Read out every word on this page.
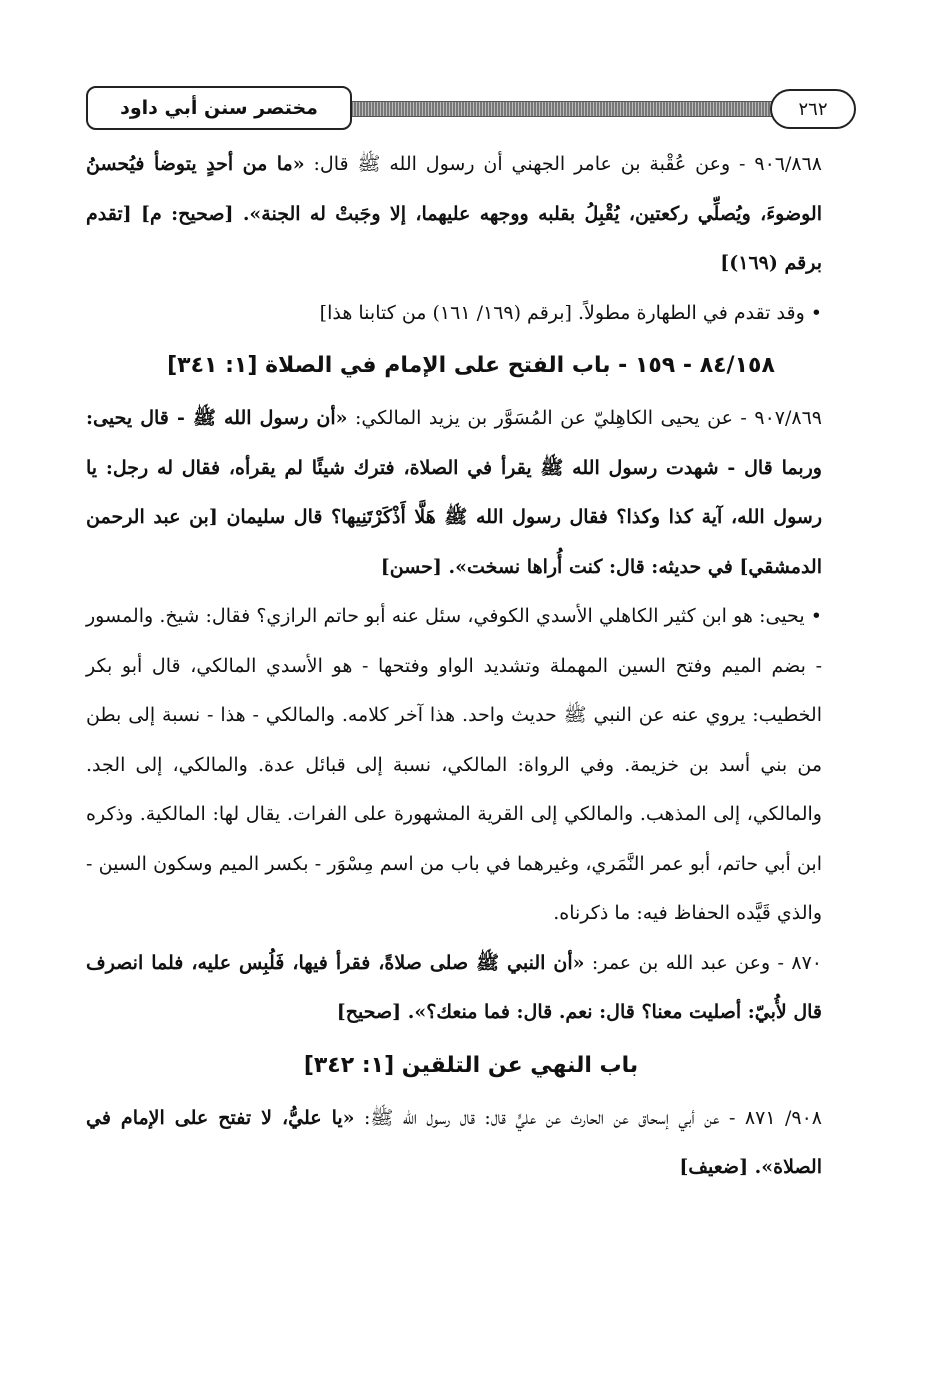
مختصر سنن أبي داود	٢٦٢

٩٠٦/٨٦٨ - وعن عُقْبة بن عامر الجهني أن رسول الله ﷺ قال: «ما من أحدٍ يتوضأ فيُحسنُ الوضوءَ، ويُصلِّي ركعتين، يُقْبِلُ بقلبه ووجهه عليهما، إلا وجَبتْ له الجنة». [صحيح: م] [تقدم برقم (١٦٩)]

• وقد تقدم في الطهارة مطولاً. [برقم (١٦٩/ ١٦١) من كتابنا هذا]

٨٤/١٥٨ - ١٥٩ - باب الفتح على الإمام في الصلاة [١: ٣٤١]

٩٠٧/٨٦٩ - عن يحيى الكاهِليّ عن المُسَوَّر بن يزيد المالكي: «أن رسول الله ﷺ - قال يحيى: وربما قال - شهدت رسول الله ﷺ يقرأ في الصلاة، فترك شيئًا لم يقرأه، فقال له رجل: يا رسول الله، آية كذا وكذا؟ فقال رسول الله ﷺ هَلَّا أَذْكَرْتَنِيها؟ قال سليمان [بن عبد الرحمن الدمشقي] في حديثه: قال: كنت أُراها نسخت». [حسن]

• يحيى: هو ابن كثير الكاهلي الأسدي الكوفي، سئل عنه أبو حاتم الرازي؟ فقال: شيخ. والمسور - بضم الميم وفتح السين المهملة وتشديد الواو وفتحها - هو الأسدي المالكي، قال أبو بكر الخطيب: يروي عنه عن النبي ﷺ حديث واحد. هذا آخر كلامه. والمالكي - هذا - نسبة إلى بطن من بني أسد بن خزيمة. وفي الرواة: المالكي، نسبة إلى قبائل عدة. والمالكي، إلى الجد. والمالكي، إلى المذهب. والمالكي إلى القرية المشهورة على الفرات. يقال لها: المالكية. وذكره ابن أبي حاتم، أبو عمر النَّمَري، وغيرهما في باب من اسم مِسْوَر - بكسر الميم وسكون السين - والذي قَيَّده الحفاظ فيه: ما ذكرناه.

٨٧٠ - وعن عبد الله بن عمر: «أن النبي ﷺ صلى صلاةً، فقرأ فيها، فَلُبِس عليه، فلما انصرف قال لأُبيّ: أصليت معنا؟ قال: نعم. قال: فما منعك؟». [صحيح]

باب النهي عن التلقين [١: ٣٤٢]

٩٠٨/ ٨٧١ - عن أبي إسحاق عن الحارث عن عليٍّ قال: قال رسول الله ﷺ: «يا عليُّ، لا تفتح على الإمام في الصلاة». [ضعيف]
